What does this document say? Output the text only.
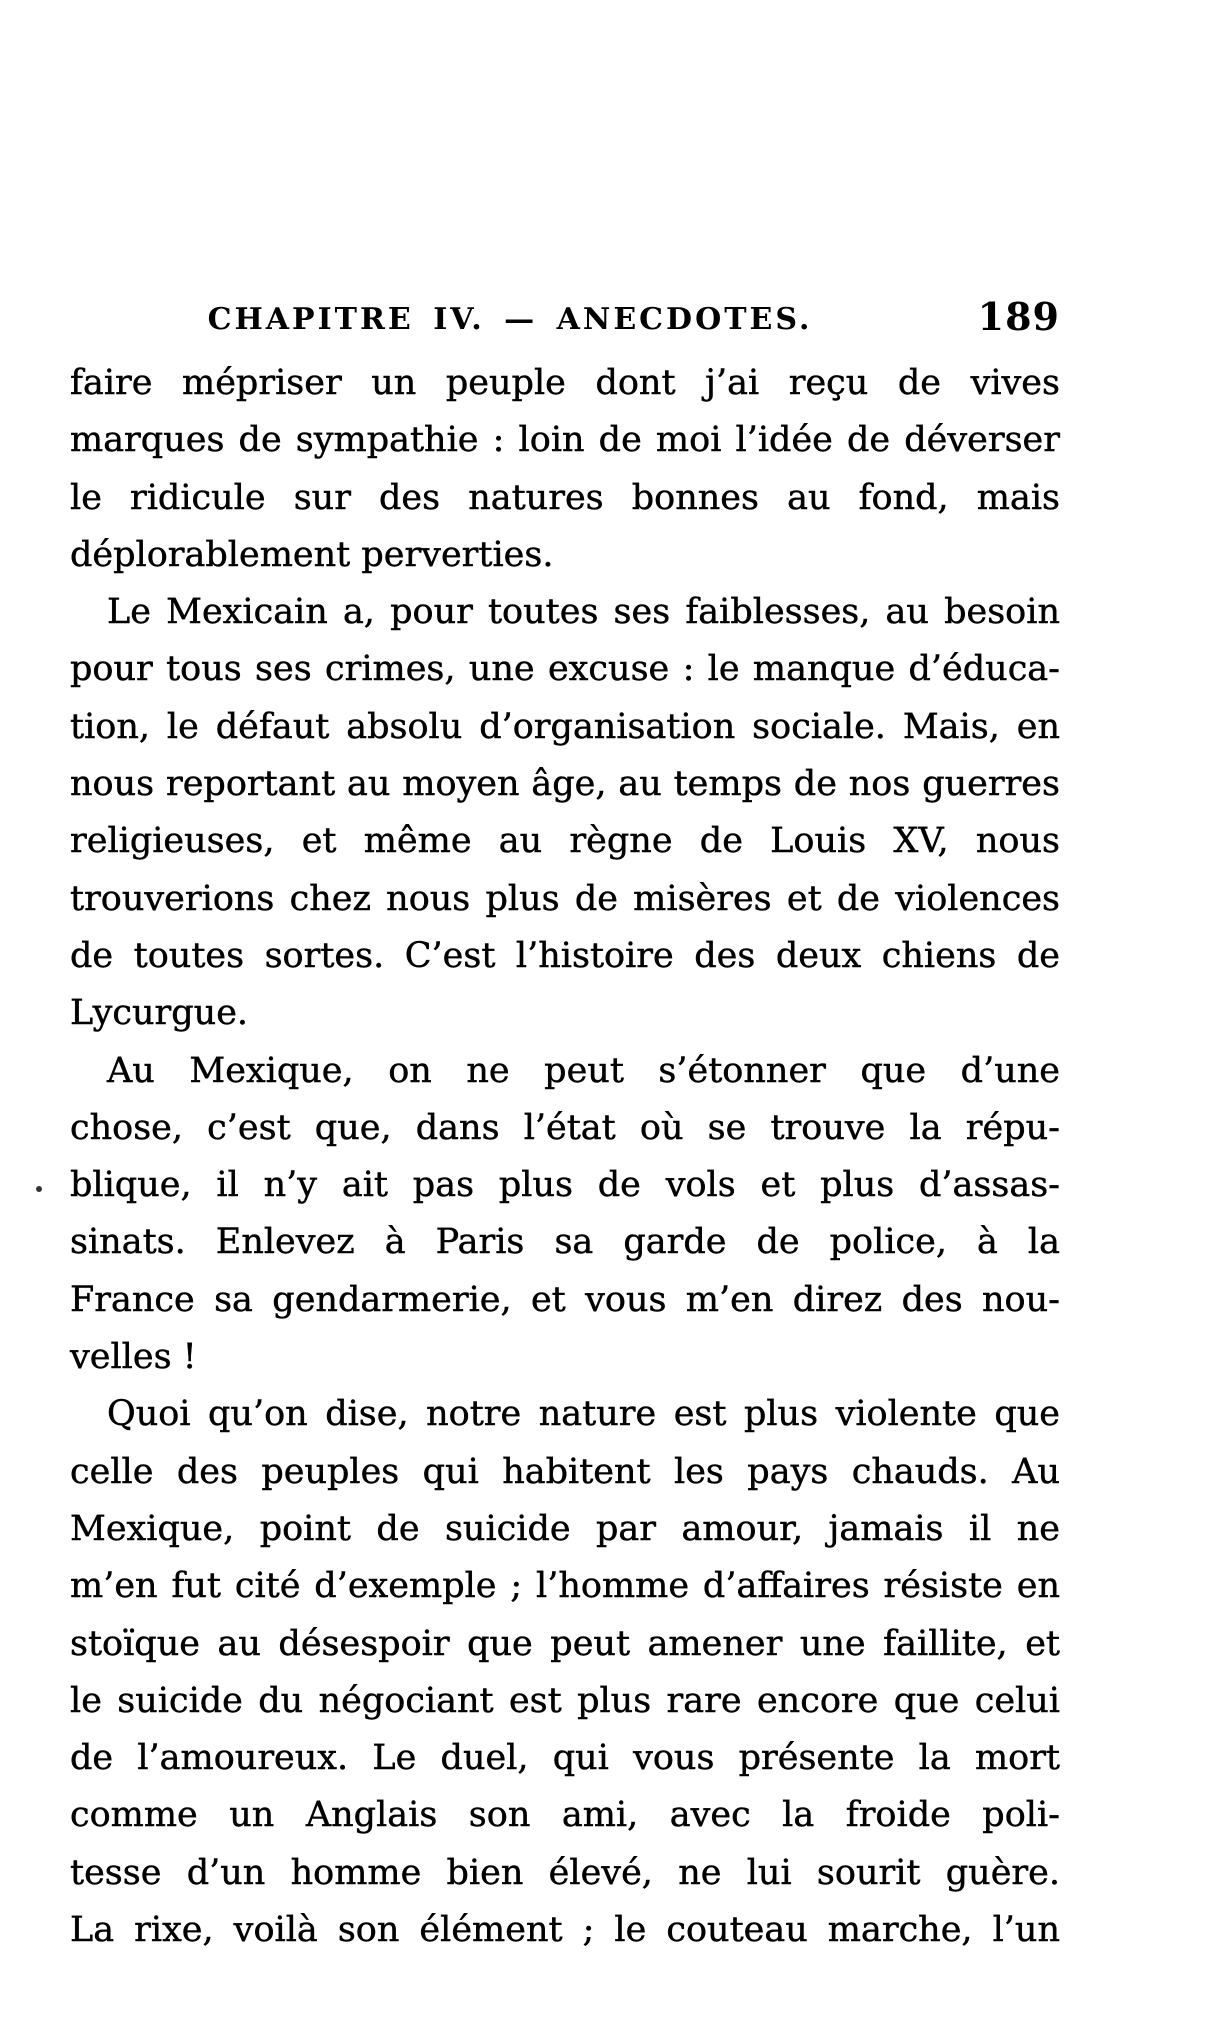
CHAPITRE IV. — ANECDOTES.	189
faire mépriser un peuple dont j’ai reçu de vives
marques de sympathie : loin de moi l’idée de déverser
le ridicule sur des natures bonnes au fond, mais
déplorablement perverties.
Le Mexicain a, pour toutes ses faiblesses, au besoin
pour tous ses crimes, une excuse : le manque d’éduca-
tion, le défaut absolu d’organisation sociale. Mais, en
nous reportant au moyen âge, au temps de nos guerres
religieuses, et même au règne de Louis XV, nous
trouverions chez nous plus de misères et de violences
de toutes sortes. C’est l’histoire des deux chiens de
Lycurgue.
Au Mexique, on ne peut s’étonner que d’une
chose, c’est que, dans l’état où se trouve la répu-
blique, il n’y ait pas plus de vols et plus d’assas-
sinats. Enlevez à Paris sa garde de police, à la
France sa gendarmerie, et vous m’en direz des nou-
velles !
Quoi qu’on dise, notre nature est plus violente que
celle des peuples qui habitent les pays chauds. Au
Mexique, point de suicide par amour, jamais il ne
m’en fut cité d’exemple ; l’homme d’affaires résiste en
stoïque au désespoir que peut amener une faillite, et
le suicide du négociant est plus rare encore que celui
de l’amoureux. Le duel, qui vous présente la mort
comme un Anglais son ami, avec la froide poli-
tesse d’un homme bien élevé, ne lui sourit guère.
La rixe, voilà son élément ; le couteau marche, l’un
